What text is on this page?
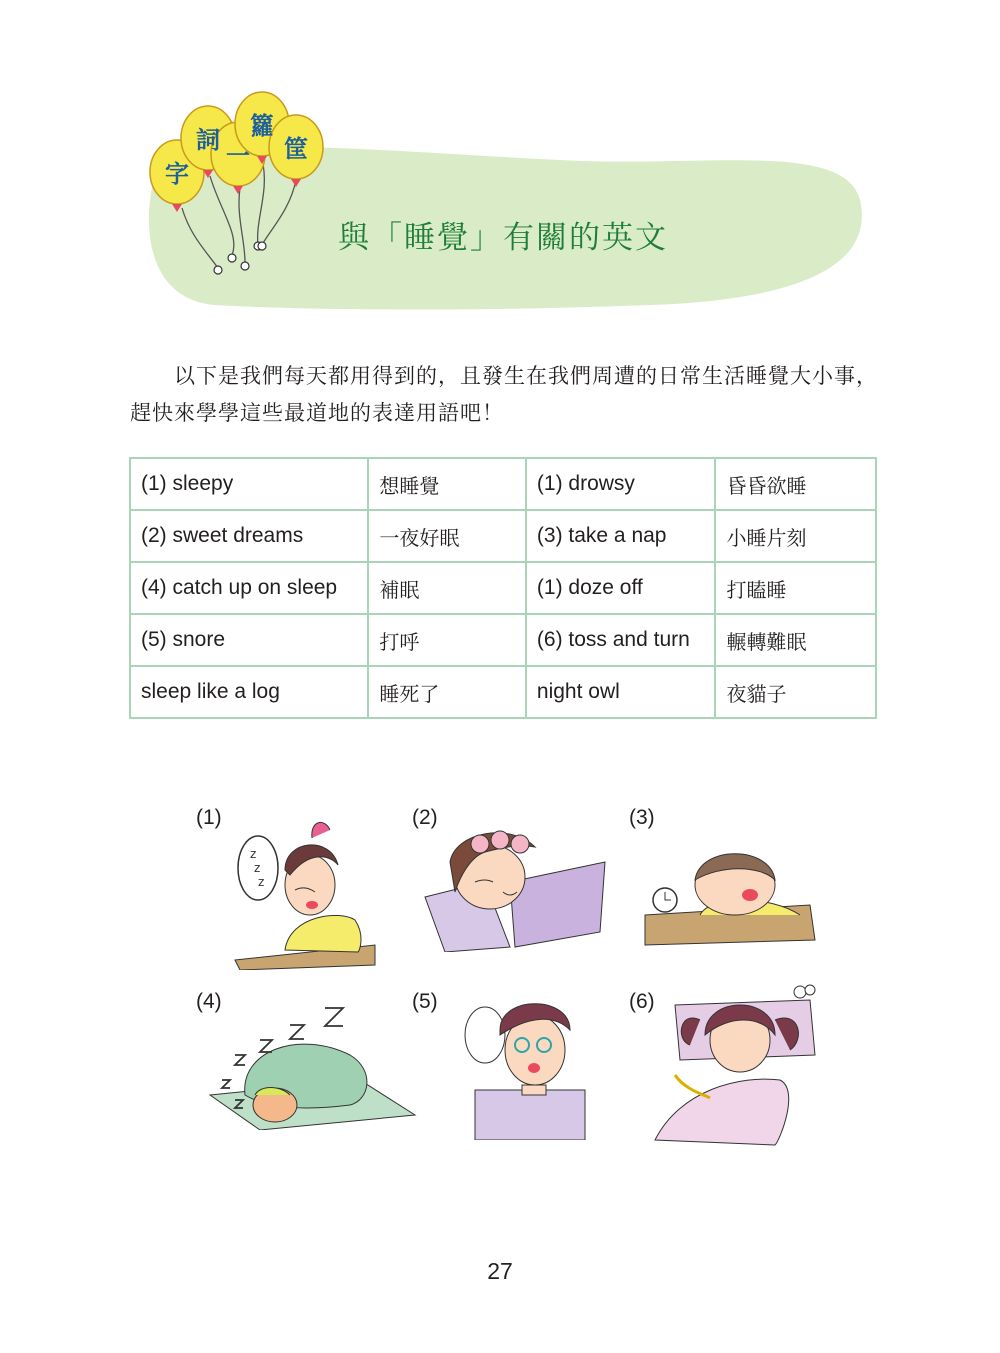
字
詞
一
籮
筐
與「睡覺」有關的英文
以下是我們每天都用得到的，且發生在我們周遭的日常生活睡覺大小事，趕快來學學這些最道地的表達用語吧！
(1) sleepy	想睡覺	(1) drowsy	昏昏欲睡
(2) sweet dreams	一夜好眠	(3) take a nap	小睡片刻
(4) catch up on sleep	補眠	(1) doze off	打瞌睡
(5) snore	打呼	(6) toss and turn	輾轉難眠
sleep like a log	睡死了	night owl	夜貓子
(1)	(2)	(3)
(4)	(5)	(6)
z
z
z
27
